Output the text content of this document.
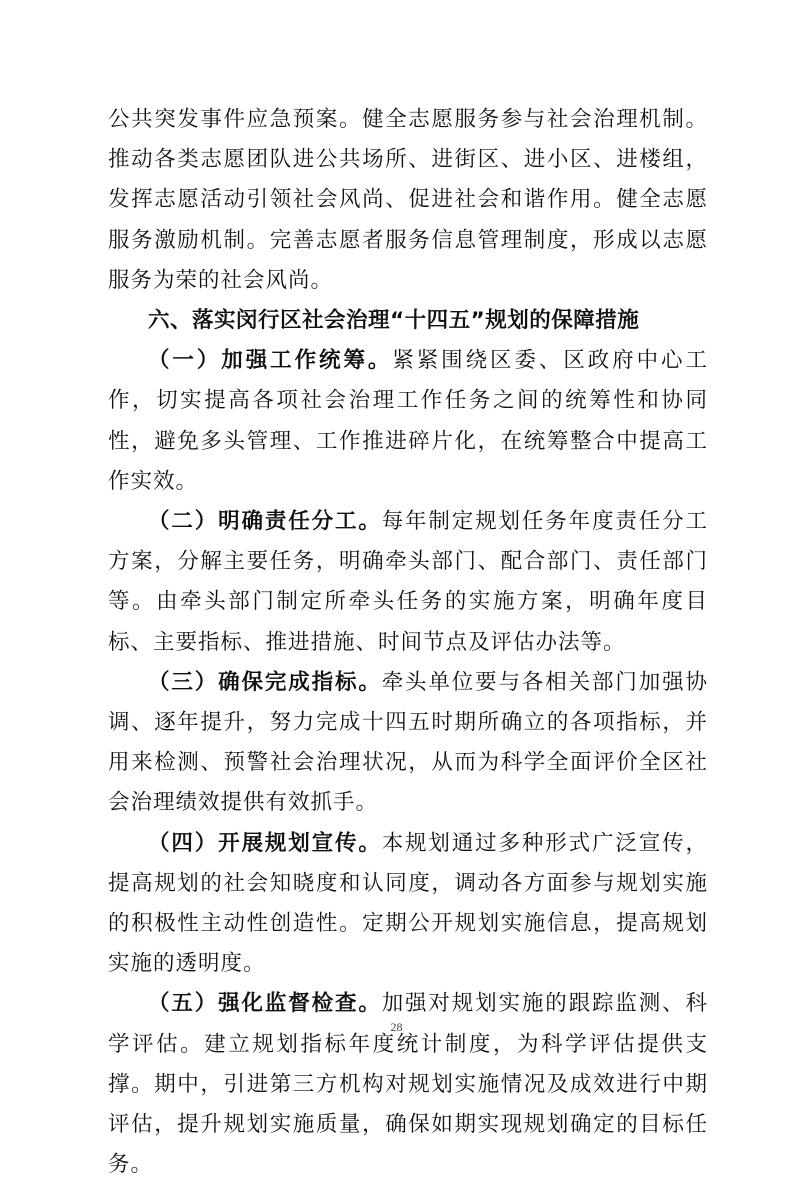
公共突发事件应急预案。健全志愿服务参与社会治理机制。推动各类志愿团队进公共场所、进街区、进小区、进楼组，发挥志愿活动引领社会风尚、促进社会和谐作用。健全志愿服务激励机制。完善志愿者服务信息管理制度，形成以志愿服务为荣的社会风尚。

六、落实闵行区社会治理“十四五”规划的保障措施

（一）加强工作统筹。紧紧围绕区委、区政府中心工作，切实提高各项社会治理工作任务之间的统筹性和协同性，避免多头管理、工作推进碎片化，在统筹整合中提高工作实效。

（二）明确责任分工。每年制定规划任务年度责任分工方案，分解主要任务，明确牵头部门、配合部门、责任部门等。由牵头部门制定所牵头任务的实施方案，明确年度目标、主要指标、推进措施、时间节点及评估办法等。

（三）确保完成指标。牵头单位要与各相关部门加强协调、逐年提升，努力完成十四五时期所确立的各项指标，并用来检测、预警社会治理状况，从而为科学全面评价全区社会治理绩效提供有效抓手。

（四）开展规划宣传。本规划通过多种形式广泛宣传，提高规划的社会知晓度和认同度，调动各方面参与规划实施的积极性主动性创造性。定期公开规划实施信息，提高规划实施的透明度。

（五）强化监督检查。加强对规划实施的跟踪监测、科学评估。建立规划指标年度统计制度，为科学评估提供支撑。期中，引进第三方机构对规划实施情况及成效进行中期评估，提升规划实施质量，确保如期实现规划确定的目标任务。

28
